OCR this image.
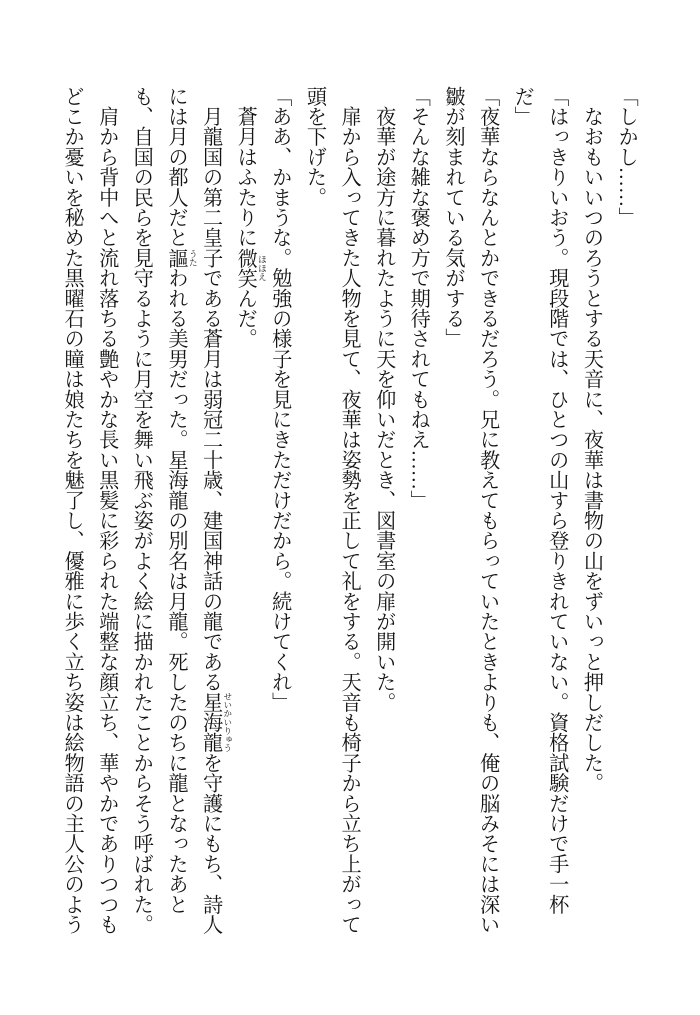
「しかし……」
　なおもいいつのろうとする天音に、夜華は書物の山をずいっと押しだした。
「はっきりいおう。現段階では、ひとつの山すら登りきれていない。資格試験だけで手一杯
だ」
「夜華ならなんとかできるだろう。兄に教えてもらっていたときよりも、俺の脳みそには深い
皺が刻まれている気がする」
「そんな雑な褒め方で期待されてもねえ……」
　夜華が途方に暮れたように天を仰いだとき、図書室の扉が開いた。
　扉から入ってきた人物を見て、夜華は姿勢を正して礼をする。天音も椅子から立ち上がって
頭を下げた。
「ああ、かまうな。勉強の様子を見にきただけだから。続けてくれ」
　蒼月はふたりに微笑 ほほえ
んだ。
　月龍国の第二皇子である蒼月は弱冠二十歳、建国神話の龍である星海龍 せいかいりゅう
を守護にもち、詩人
には月の都人だと謳 うた
われる美男だった。星海龍の別名は月龍。死したのちに龍となったあと
も、自国の民らを見守るように月空を舞い飛ぶ姿がよく絵に描かれたことからそう呼ばれた。
　肩から背中へと流れ落ちる艶やかな長い黒髪に彩られた端整な顔立ち、華やかでありつつも
どこか憂いを秘めた黒曜石の瞳は娘たちを魅了し、優雅に歩く立ち姿は絵物語の主人公のよう
